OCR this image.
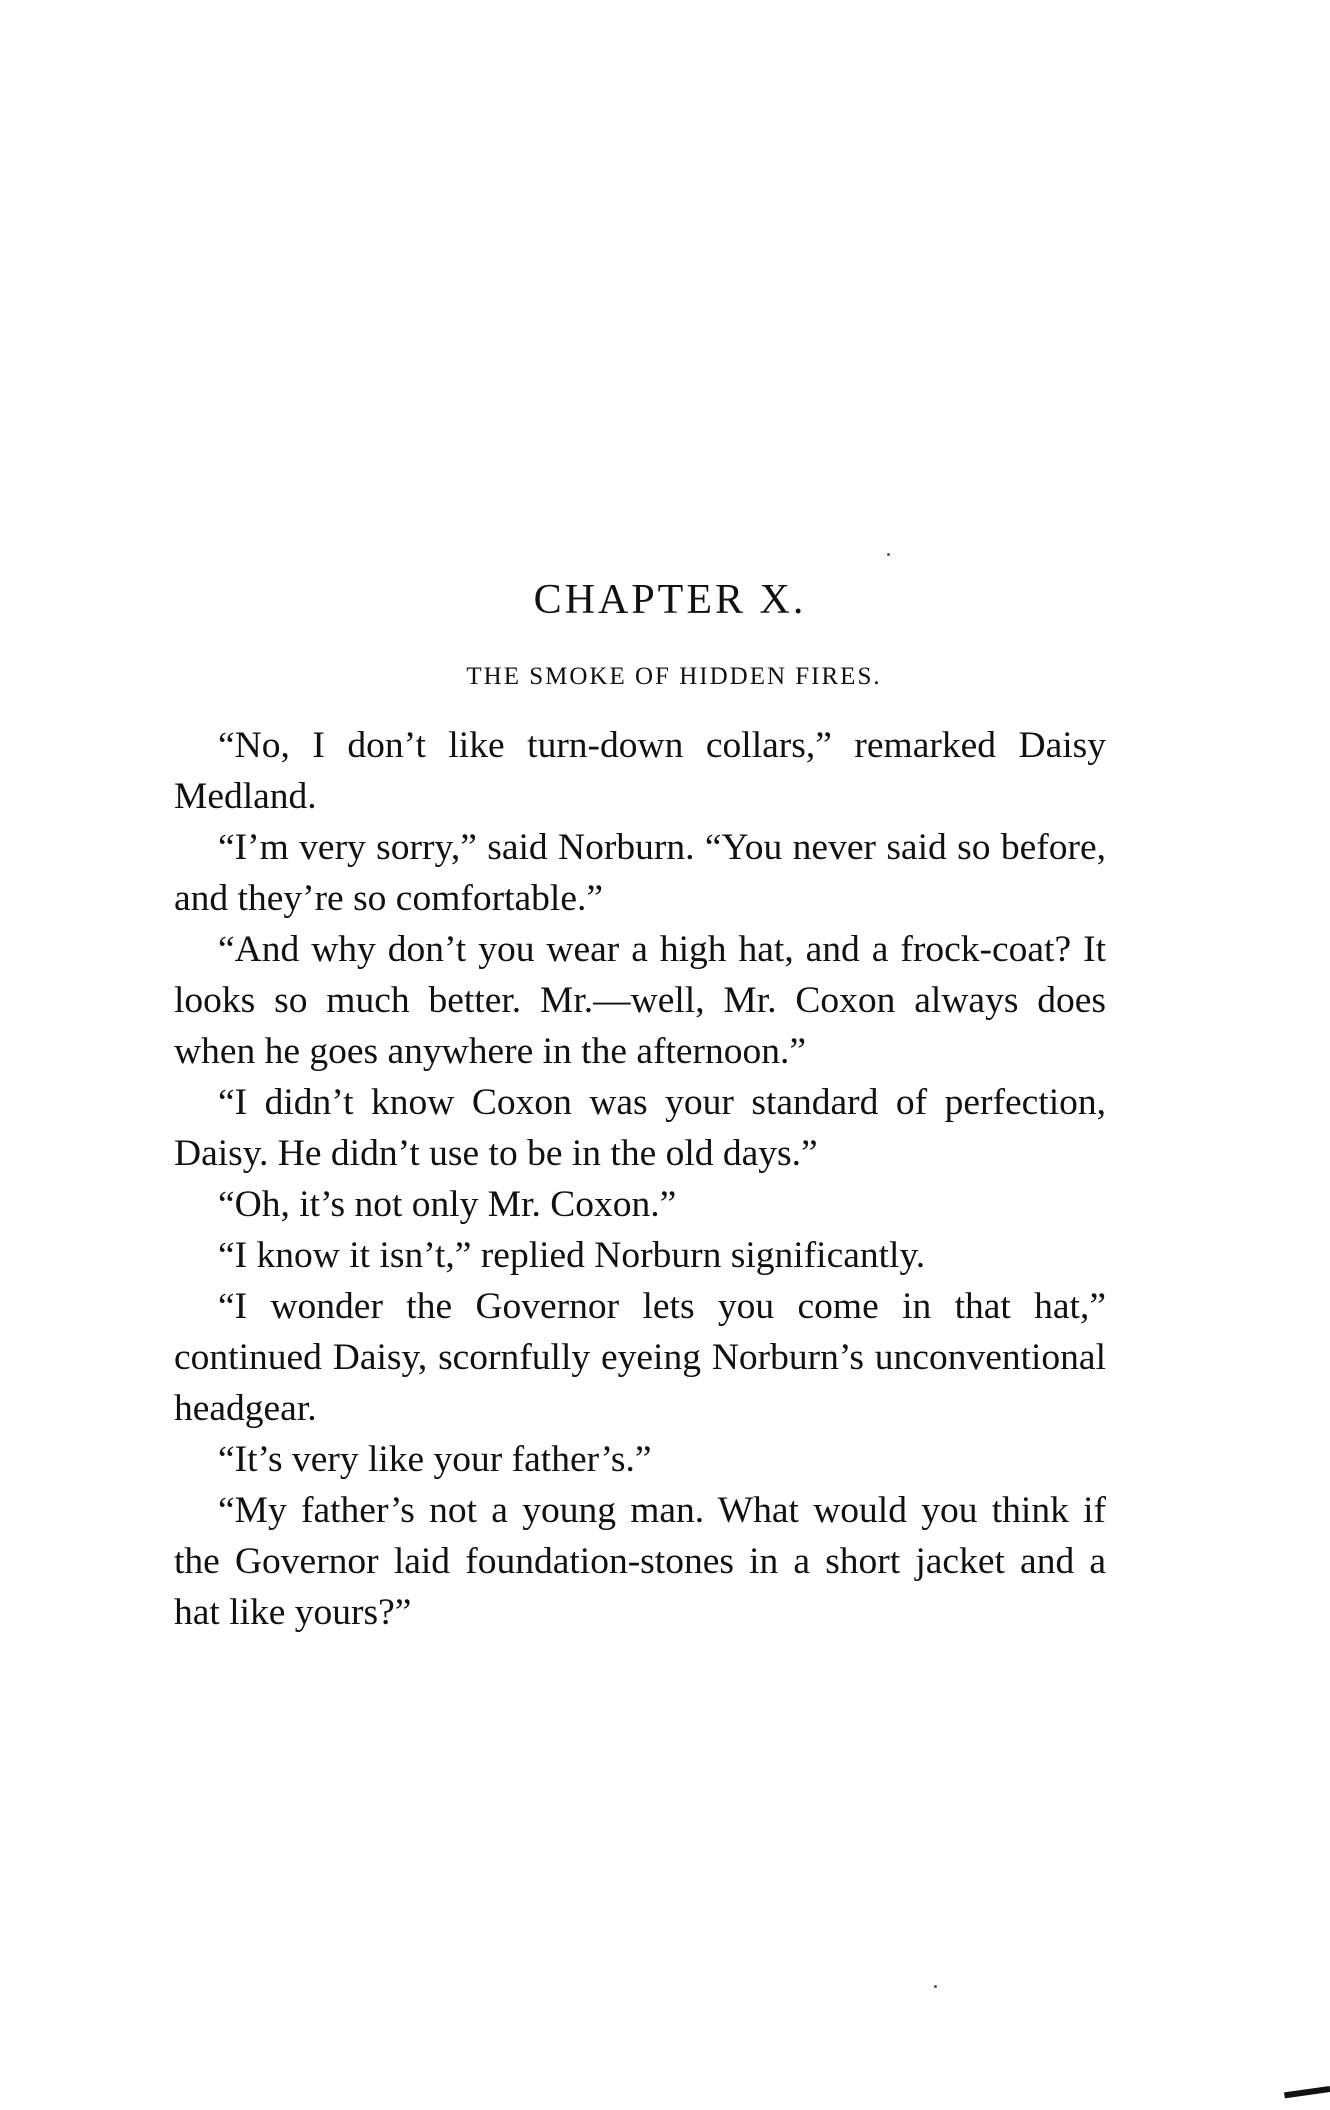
CHAPTER X.
THE SMOKE OF HIDDEN FIRES.

“No, I don’t like turn-down collars,” remarked Daisy Medland.

“I’m very sorry,” said Norburn. “You never said so before, and they’re so comfortable.”

“And why don’t you wear a high hat, and a frock-coat? It looks so much better. Mr.—well, Mr. Coxon always does when he goes anywhere in the afternoon.”

“I didn’t know Coxon was your standard of perfection, Daisy. He didn’t use to be in the old days.”

“Oh, it’s not only Mr. Coxon.”

“I know it isn’t,” replied Norburn significantly.

“I wonder the Governor lets you come in that hat,” continued Daisy, scornfully eyeing Norburn’s unconventional headgear.

“It’s very like your father’s.”

“My father’s not a young man. What would you think if the Governor laid foundation-stones in a short jacket and a hat like yours?”
